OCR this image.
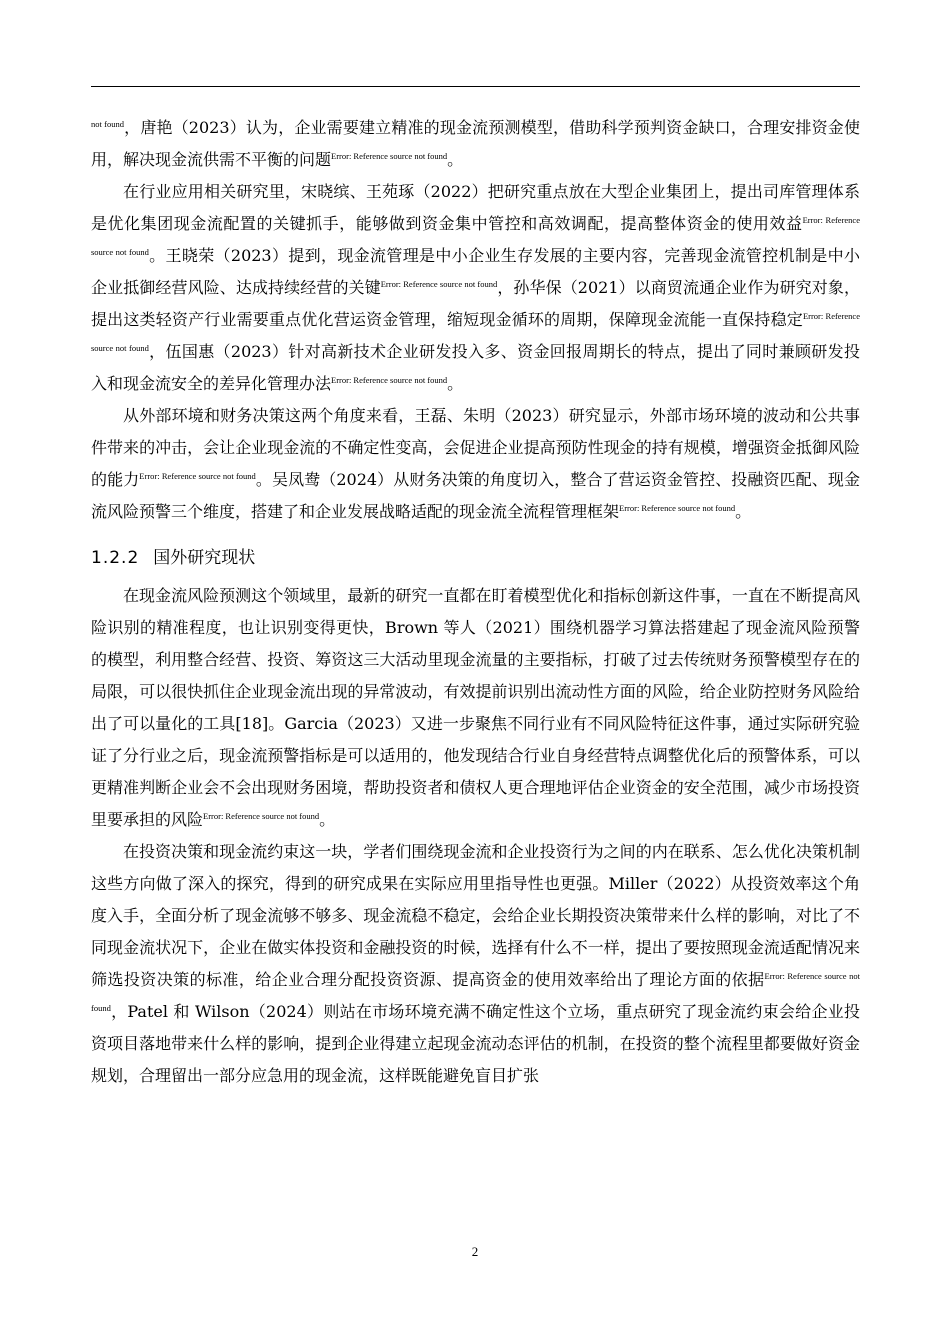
$^{not found}$，唐艳（2023）认为，企业需要建立精准的现金流预测模型，借助科学预判资金缺口，合理安排资金使用，解决现金流供需不平衡的问题$^{Error: Reference source not found}$。

在行业应用相关研究里，宋晓缤、王苑琢（2022）把研究重点放在大型企业集团上，提出司库管理体系是优化集团现金流配置的关键抓手，能够做到资金集中管控和高效调配，提高整体资金的使用效益$^{Error: Reference source not found}$。王晓荣（2023）提到，现金流管理是中小企业生存发展的主要内容，完善现金流管控机制是中小企业抵御经营风险、达成持续经营的关键$^{Error: Reference source not found}$，孙华保（2021）以商贸流通企业作为研究对象，提出这类轻资产行业需要重点优化营运资金管理，缩短现金循环的周期，保障现金流能一直保持稳定$^{Error: Reference source not found}$，伍国惠（2023）针对高新技术企业研发投入多、资金回报周期长的特点，提出了同时兼顾研发投入和现金流安全的差异化管理办法$^{Error: Reference source not found}$。

从外部环境和财务决策这两个角度来看，王磊、朱明（2023）研究显示，外部市场环境的波动和公共事件带来的冲击，会让企业现金流的不确定性变高，会促进企业提高预防性现金的持有规模，增强资金抵御风险的能力$^{Error: Reference source not found}$。吴凤鸯（2024）从财务决策的角度切入，整合了营运资金管控、投融资匹配、现金流风险预警三个维度，搭建了和企业发展战略适配的现金流全流程管理框架$^{Error: Reference source not found}$。

1.2.2 国外研究现状

在现金流风险预测这个领域里，最新的研究一直都在盯着模型优化和指标创新这件事，一直在不断提高风险识别的精准程度，也让识别变得更快，Brown 等人（2021）围绕机器学习算法搭建起了现金流风险预警的模型，利用整合经营、投资、筹资这三大活动里现金流量的主要指标，打破了过去传统财务预警模型存在的局限，可以很快抓住企业现金流出现的异常波动，有效提前识别出流动性方面的风险，给企业防控财务风险给出了可以量化的工具[18]。Garcia（2023）又进一步聚焦不同行业有不同风险特征这件事，通过实际研究验证了分行业之后，现金流预警指标是可以适用的，他发现结合行业自身经营特点调整优化后的预警体系，可以更精准判断企业会不会出现财务困境，帮助投资者和债权人更合理地评估企业资金的安全范围，减少市场投资里要承担的风险$^{Error: Reference source not found}$。

在投资决策和现金流约束这一块，学者们围绕现金流和企业投资行为之间的内在联系、怎么优化决策机制这些方向做了深入的探究，得到的研究成果在实际应用里指导性也更强。Miller（2022）从投资效率这个角度入手，全面分析了现金流够不够多、现金流稳不稳定，会给企业长期投资决策带来什么样的影响，对比了不同现金流状况下，企业在做实体投资和金融投资的时候，选择有什么不一样，提出了要按照现金流适配情况来筛选投资决策的标准，给企业合理分配投资资源、提高资金的使用效率给出了理论方面的依据$^{Error: Reference source not found}$，Patel 和 Wilson（2024）则站在市场环境充满不确定性这个立场，重点研究了现金流约束会给企业投资项目落地带来什么样的影响，提到企业得建立起现金流动态评估的机制，在投资的整个流程里都要做好资金规划，合理留出一部分应急用的现金流，这样既能避免盲目扩张

2
